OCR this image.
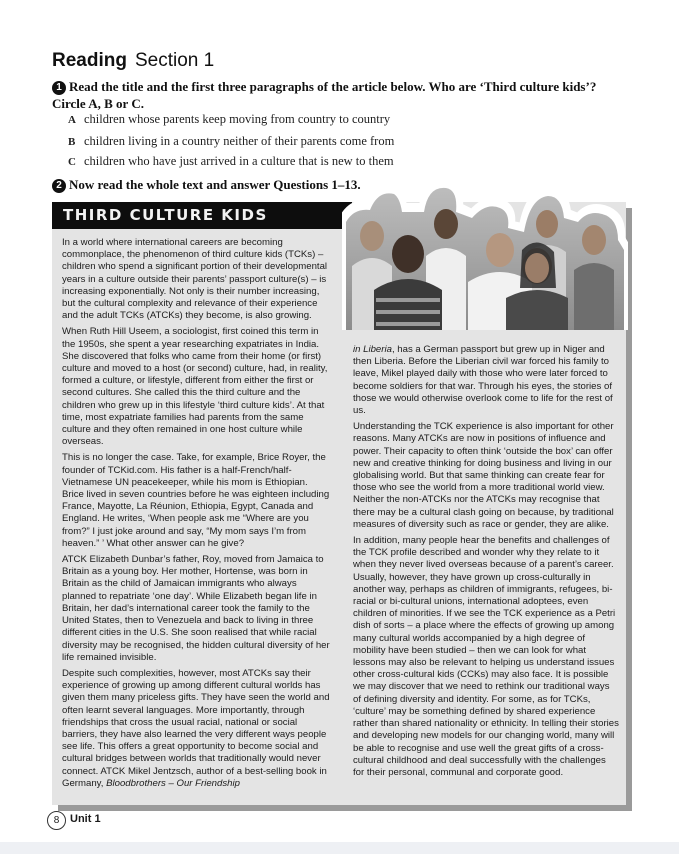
Reading Section 1
1 Read the title and the first three paragraphs of the article below. Who are ‘Third culture kids’? Circle A, B or C.
A children whose parents keep moving from country to country
B children living in a country neither of their parents come from
C children who have just arrived in a culture that is new to them
2 Now read the whole text and answer Questions 1–13.
THIRD CULTURE KIDS

In a world where international careers are becoming commonplace, the phenomenon of third culture kids (TCKs) – children who spend a significant portion of their developmental years in a culture outside their parents’ passport culture(s) – is increasing exponentially. Not only is their number increasing, but the cultural complexity and relevance of their experience and the adult TCKs (ATCKs) they become, is also growing.

When Ruth Hill Useem, a sociologist, first coined this term in the 1950s, she spent a year researching expatriates in India. She discovered that folks who came from their home (or first) culture and moved to a host (or second) culture, had, in reality, formed a culture, or lifestyle, different from either the first or second cultures. She called this the third culture and the children who grew up in this lifestyle ‘third culture kids’. At that time, most expatriate families had parents from the same culture and they often remained in one host culture while overseas.

This is no longer the case. Take, for example, Brice Royer, the founder of TCKid.com. His father is a half-French/half-Vietnamese UN peacekeeper, while his mom is Ethiopian. Brice lived in seven countries before he was eighteen including France, Mayotte, La Réunion, Ethiopia, Egypt, Canada and England. He writes, ‘When people ask me “Where are you from?” I just joke around and say, “My mom says I’m from heaven.” ’ What other answer can he give?

ATCK Elizabeth Dunbar’s father, Roy, moved from Jamaica to Britain as a young boy. Her mother, Hortense, was born in Britain as the child of Jamaican immigrants who always planned to repatriate ‘one day’. While Elizabeth began life in Britain, her dad’s international career took the family to the United States, then to Venezuela and back to living in three different cities in the U.S. She soon realised that while racial diversity may be recognised, the hidden cultural diversity of her life remained invisible.

Despite such complexities, however, most ATCKs say their experience of growing up among different cultural worlds has given them many priceless gifts. They have seen the world and often learnt several languages. More importantly, through friendships that cross the usual racial, national or social barriers, they have also learned the very different ways people see life. This offers a great opportunity to become social and cultural bridges between worlds that traditionally would never connect. ATCK Mikel Jentzsch, author of a best-selling book in Germany, Bloodbrothers – Our Friendship

in Liberia, has a German passport but grew up in Niger and then Liberia. Before the Liberian civil war forced his family to leave, Mikel played daily with those who were later forced to become soldiers for that war. Through his eyes, the stories of those we would otherwise overlook come to life for the rest of us.

Understanding the TCK experience is also important for other reasons. Many ATCKs are now in positions of influence and power. Their capacity to often think ‘outside the box’ can offer new and creative thinking for doing business and living in our globalising world. But that same thinking can create fear for those who see the world from a more traditional world view. Neither the non-ATCKs nor the ATCKs may recognise that there may be a cultural clash going on because, by traditional measures of diversity such as race or gender, they are alike.

In addition, many people hear the benefits and challenges of the TCK profile described and wonder why they relate to it when they never lived overseas because of a parent’s career. Usually, however, they have grown up cross-culturally in another way, perhaps as children of immigrants, refugees, bi-racial or bi-cultural unions, international adoptees, even children of minorities. If we see the TCK experience as a Petri dish of sorts – a place where the effects of growing up among many cultural worlds accompanied by a high degree of mobility have been studied – then we can look for what lessons may also be relevant to helping us understand issues other cross-cultural kids (CCKs) may also face. It is possible we may discover that we need to rethink our traditional ways of defining diversity and identity. For some, as for TCKs, ‘culture’ may be something defined by shared experience rather than shared nationality or ethnicity. In telling their stories and developing new models for our changing world, many will be able to recognise and use well the great gifts of a cross-cultural childhood and deal successfully with the challenges for their personal, communal and corporate good.

8 Unit 1
